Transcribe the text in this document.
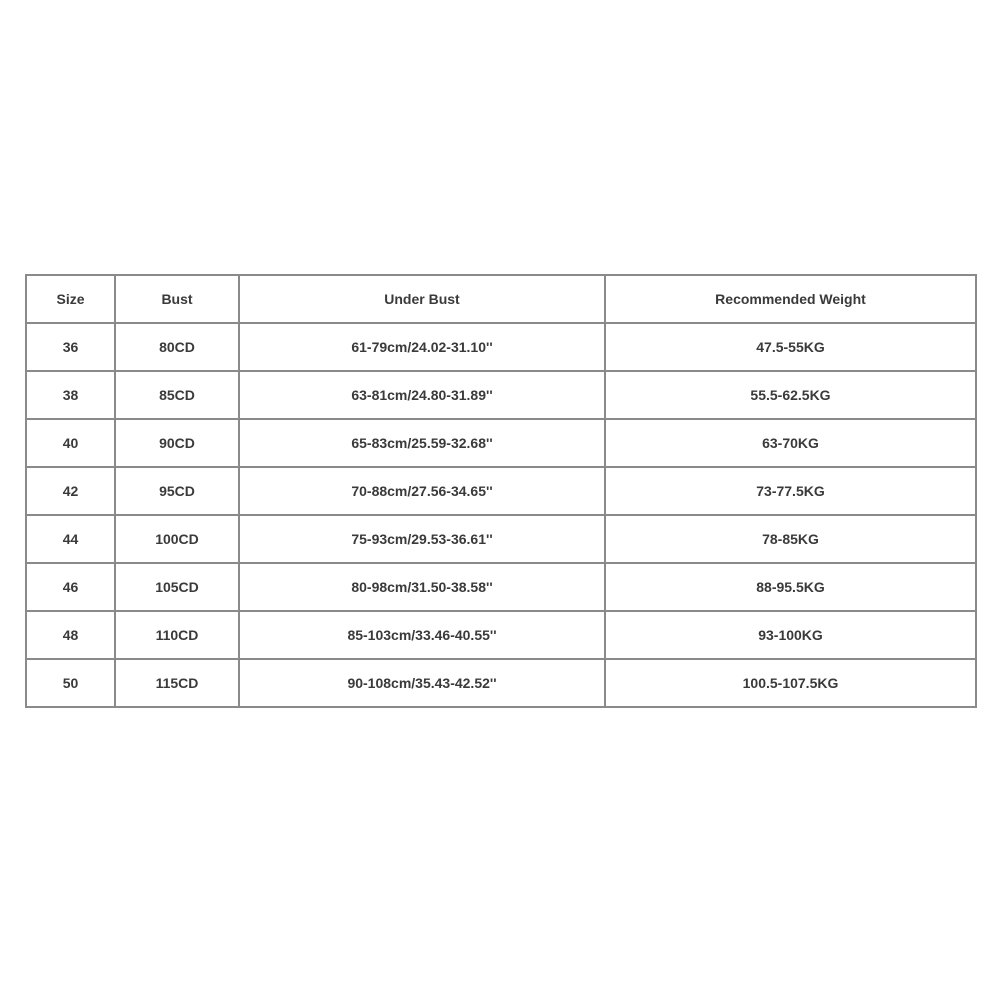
Size	Bust	Under Bust	Recommended Weight
36	80CD	61-79cm/24.02-31.10''	47.5-55KG
38	85CD	63-81cm/24.80-31.89''	55.5-62.5KG
40	90CD	65-83cm/25.59-32.68''	63-70KG
42	95CD	70-88cm/27.56-34.65''	73-77.5KG
44	100CD	75-93cm/29.53-36.61''	78-85KG
46	105CD	80-98cm/31.50-38.58''	88-95.5KG
48	110CD	85-103cm/33.46-40.55''	93-100KG
50	115CD	90-108cm/35.43-42.52''	100.5-107.5KG
